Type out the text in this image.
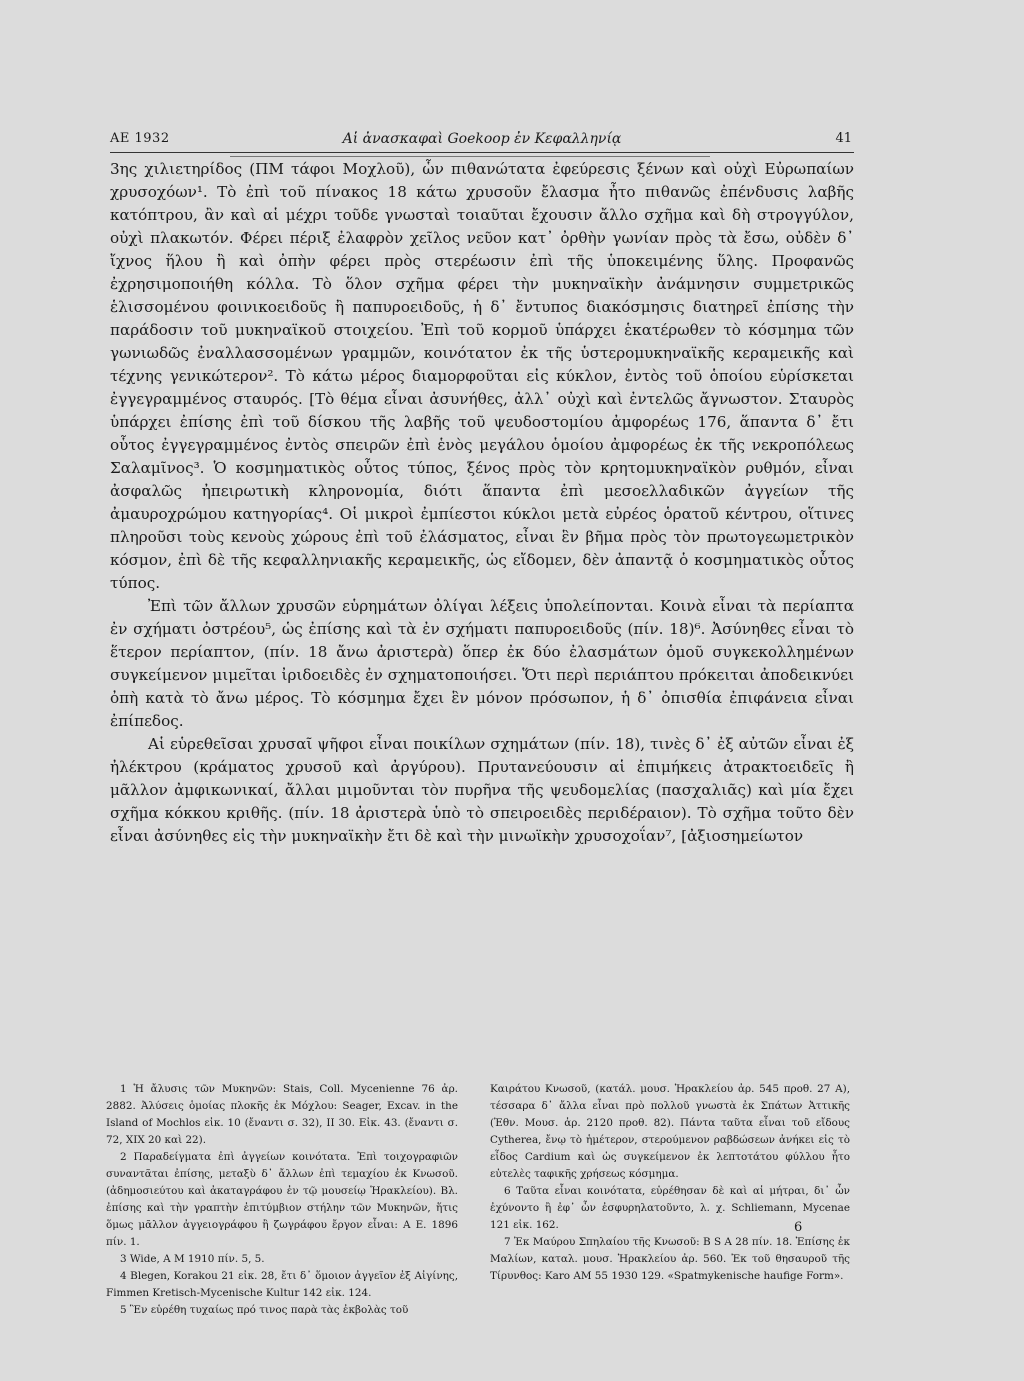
ΑΕ 1932	Αἱ ἀνασκαφαὶ Goekoop ἐν Κεφαλληνίᾳ	41

3ης χιλιετηρίδος (ΠΜ τάφοι Μοχλοῦ), ὧν πιθανώτατα ἐφεύρεσις ξένων καὶ οὐχὶ Εὐρωπαίων χρυσοχόων¹. Τὸ ἐπὶ τοῦ πίνακος 18 κάτω χρυσοῦν ἔλασμα ἦτο πιθανῶς ἐπένδυσις λαβῆς κατόπτρου, ἂν καὶ αἱ μέχρι τοῦδε γνωσταὶ τοιαῦται ἔχουσιν ἄλλο σχῆμα καὶ δὴ στρογγύλον, οὐχὶ πλακωτόν. Φέρει πέριξ ἐλαφρὸν χεῖλος νεῦον κατ᾽ ὀρθὴν γωνίαν πρὸς τὰ ἔσω, οὐδὲν δ᾽ ἴχνος ἥλου ἢ καὶ ὀπὴν φέρει πρὸς στερέωσιν ἐπὶ τῆς ὑποκειμένης ὕλης. Προφανῶς ἐχρησιμοποιήθη κόλλα. Τὸ ὅλον σχῆμα φέρει τὴν μυκηναϊκὴν ἀνάμνησιν συμμετρικῶς ἑλισσομένου φοινικοειδοῦς ἢ παπυροειδοῦς, ἡ δ᾽ ἔντυπος διακόσμησις διατηρεῖ ἐπίσης τὴν παράδοσιν τοῦ μυκηναϊκοῦ στοιχείου. Ἐπὶ τοῦ κορμοῦ ὑπάρχει ἑκατέρωθεν τὸ κόσμημα τῶν γωνιωδῶς ἐναλλασσομένων γραμμῶν, κοινότατον ἐκ τῆς ὑστερομυκηναϊκῆς κεραμεικῆς καὶ τέχνης γενικώτερον². Τὸ κάτω μέρος διαμορφοῦται εἰς κύκλον, ἐντὸς τοῦ ὁποίου εὑρίσκεται ἐγγεγραμμένος σταυρός. [Τὸ θέμα εἶναι ἀσυνήθες, ἀλλ᾽ οὐχὶ καὶ ἐντελῶς ἄγνωστον. Σταυρὸς ὑπάρχει ἐπίσης ἐπὶ τοῦ δίσκου τῆς λαβῆς τοῦ ψευδοστομίου ἀμφορέως 176, ἅπαντα δ᾽ ἔτι οὗτος ἐγγεγραμμένος ἐντὸς σπειρῶν ἐπὶ ἑνὸς μεγάλου ὁμοίου ἀμφορέως ἐκ τῆς νεκροπόλεως Σαλαμῖνος³. Ὁ κοσμηματικὸς οὗτος τύπος, ξένος πρὸς τὸν κρητομυκηναϊκὸν ρυθμόν, εἶναι ἀσφαλῶς ἠπειρωτικὴ κληρονομία, διότι ἅπαντα ἐπὶ μεσοελλαδικῶν ἀγγείων τῆς ἀμαυροχρώμου κατηγορίας⁴. Οἱ μικροὶ ἐμπίεστοι κύκλοι μετὰ εὐρέος ὁρατοῦ κέντρου, οἵτινες πληροῦσι τοὺς κενοὺς χώρους ἐπὶ τοῦ ἐλάσματος, εἶναι ἓν βῆμα πρὸς τὸν πρωτογεωμετρικὸν κόσμον, ἐπὶ δὲ τῆς κεφαλληνιακῆς κεραμεικῆς, ὡς εἴδομεν, δὲν ἀπαντᾷ ὁ κοσμηματικὸς οὗτος τύπος.

Ἐπὶ τῶν ἄλλων χρυσῶν εὑρημάτων ὀλίγαι λέξεις ὑπολείπονται. Κοινὰ εἶναι τὰ περίαπτα ἐν σχήματι ὀστρέου⁵, ὡς ἐπίσης καὶ τὰ ἐν σχήματι παπυροειδοῦς (πίν. 18)⁶. Ἀσύνηθες εἶναι τὸ ἕτερον περίαπτον, (πίν. 18 ἄνω ἀριστερὰ) ὅπερ ἐκ δύο ἐλασμάτων ὁμοῦ συγκεκολλημένων συγκείμενον μιμεῖται ἰριδοειδὲς ἐν σχηματοποιήσει. Ὅτι περὶ περιάπτου πρόκειται ἀποδεικνύει ὀπὴ κατὰ τὸ ἄνω μέρος. Τὸ κόσμημα ἔχει ἓν μόνον πρόσωπον, ἡ δ᾽ ὀπισθία ἐπιφάνεια εἶναι ἐπίπεδος.

Αἱ εὑρεθεῖσαι χρυσαῖ ψῆφοι εἶναι ποικίλων σχημάτων (πίν. 18), τινὲς δ᾽ ἐξ αὐτῶν εἶναι ἐξ ἠλέκτρου (κράματος χρυσοῦ καὶ ἀργύρου). Πρυτανεύουσιν αἱ ἐπιμήκεις ἀτρακτοειδεῖς ἢ μᾶλλον ἀμφικωνικαί, ἄλλαι μιμοῦνται τὸν πυρῆνα τῆς ψευδομελίας (πασχαλιᾶς) καὶ μία ἔχει σχῆμα κόκκου κριθῆς. (πίν. 18 ἀριστερὰ ὑπὸ τὸ σπειροειδὲς περιδέραιον). Τὸ σχῆμα τοῦτο δὲν εἶναι ἀσύνηθες εἰς τὴν μυκηναϊκὴν ἔτι δὲ καὶ τὴν μινωϊκὴν χρυσοχοΐαν⁷, [ἀξιοσημείωτον

1 Ἡ ἄλυσις τῶν Μυκηνῶν: Stais, Coll. Mycenienne 76 ἀρ. 2882. Ἀλύσεις ὁμοίας πλοκῆς ἐκ Μόχλου: Seager, Excav. in the Island of Mochlos εἰκ. 10 (ἔναντι σ. 32), II 30. Εἰκ. 43. (ἔναντι σ. 72, XIX 20 καὶ 22).

2 Παραδείγματα ἐπὶ ἀγγείων κοινότατα. Ἐπὶ τοιχογραφιῶν συναντᾶται ἐπίσης, μεταξὺ δ᾽ ἄλλων ἐπὶ τεμαχίου ἐκ Κνωσοῦ. (ἀδημοσιεύτου καὶ ἀκαταγράφου ἐν τῷ μουσείῳ Ἡρακλείου). Βλ. ἐπίσης καὶ τὴν γραπτὴν ἐπιτύμβιον στήλην τῶν Μυκηνῶν, ἥτις ὅμως μᾶλλον ἀγγειογράφου ἢ ζωγράφου ἔργον εἶναι: Α Ε. 1896 πίν. 1.

3 Wide, A M 1910 πίν. 5, 5.

4 Blegen, Korakou 21 εἰκ. 28, ἔτι δ᾽ ὅμοιον ἀγγεῖον ἐξ Αἰγίνης, Fimmen Kretisch-Mycenische Kultur 142 εἰκ. 124.

5 Ἓν εὑρέθη τυχαίως πρό τινος παρὰ τὰς ἐκβολὰς τοῦ

Καιράτου Κνωσοῦ, (κατάλ. μουσ. Ἡρακλείου ἀρ. 545 προθ. 27 Α), τέσσαρα δ᾽ ἄλλα εἶναι πρὸ πολλοῦ γνωστὰ ἐκ Σπάτων Ἀττικῆς (Ἐθν. Μουσ. ἀρ. 2120 προθ. 82). Πάντα ταῦτα εἶναι τοῦ εἴδους Cytherea, ἔνῳ τὸ ἡμέτερον, στερούμενον ραβδώσεων ἀνήκει εἰς τὸ εἶδος Cardium καὶ ὡς συγκείμενον ἐκ λεπτοτάτου φύλλου ἦτο εὐτελὲς ταφικῆς χρήσεως κόσμημα.

6 Ταῦτα εἶναι κοινότατα, εὑρέθησαν δὲ καὶ αἱ μήτραι, δι᾽ ὧν ἐχύνοντο ἢ ἐφ᾽ ὧν ἐσφυρηλατοῦντο, λ. χ. Schliemann, Mycenae 121 εἰκ. 162.

7 Ἐκ Μαύρου Σπηλαίου τῆς Κνωσοῦ: B S A 28 πίν. 18. Ἐπίσης ἐκ Μαλίων, καταλ. μουσ. Ἡρακλείου ἀρ. 560. Ἐκ τοῦ θησαυροῦ τῆς Τίρυνθος: Karo AM 55 1930 129. «Spatmykenische haufige Form».

6
